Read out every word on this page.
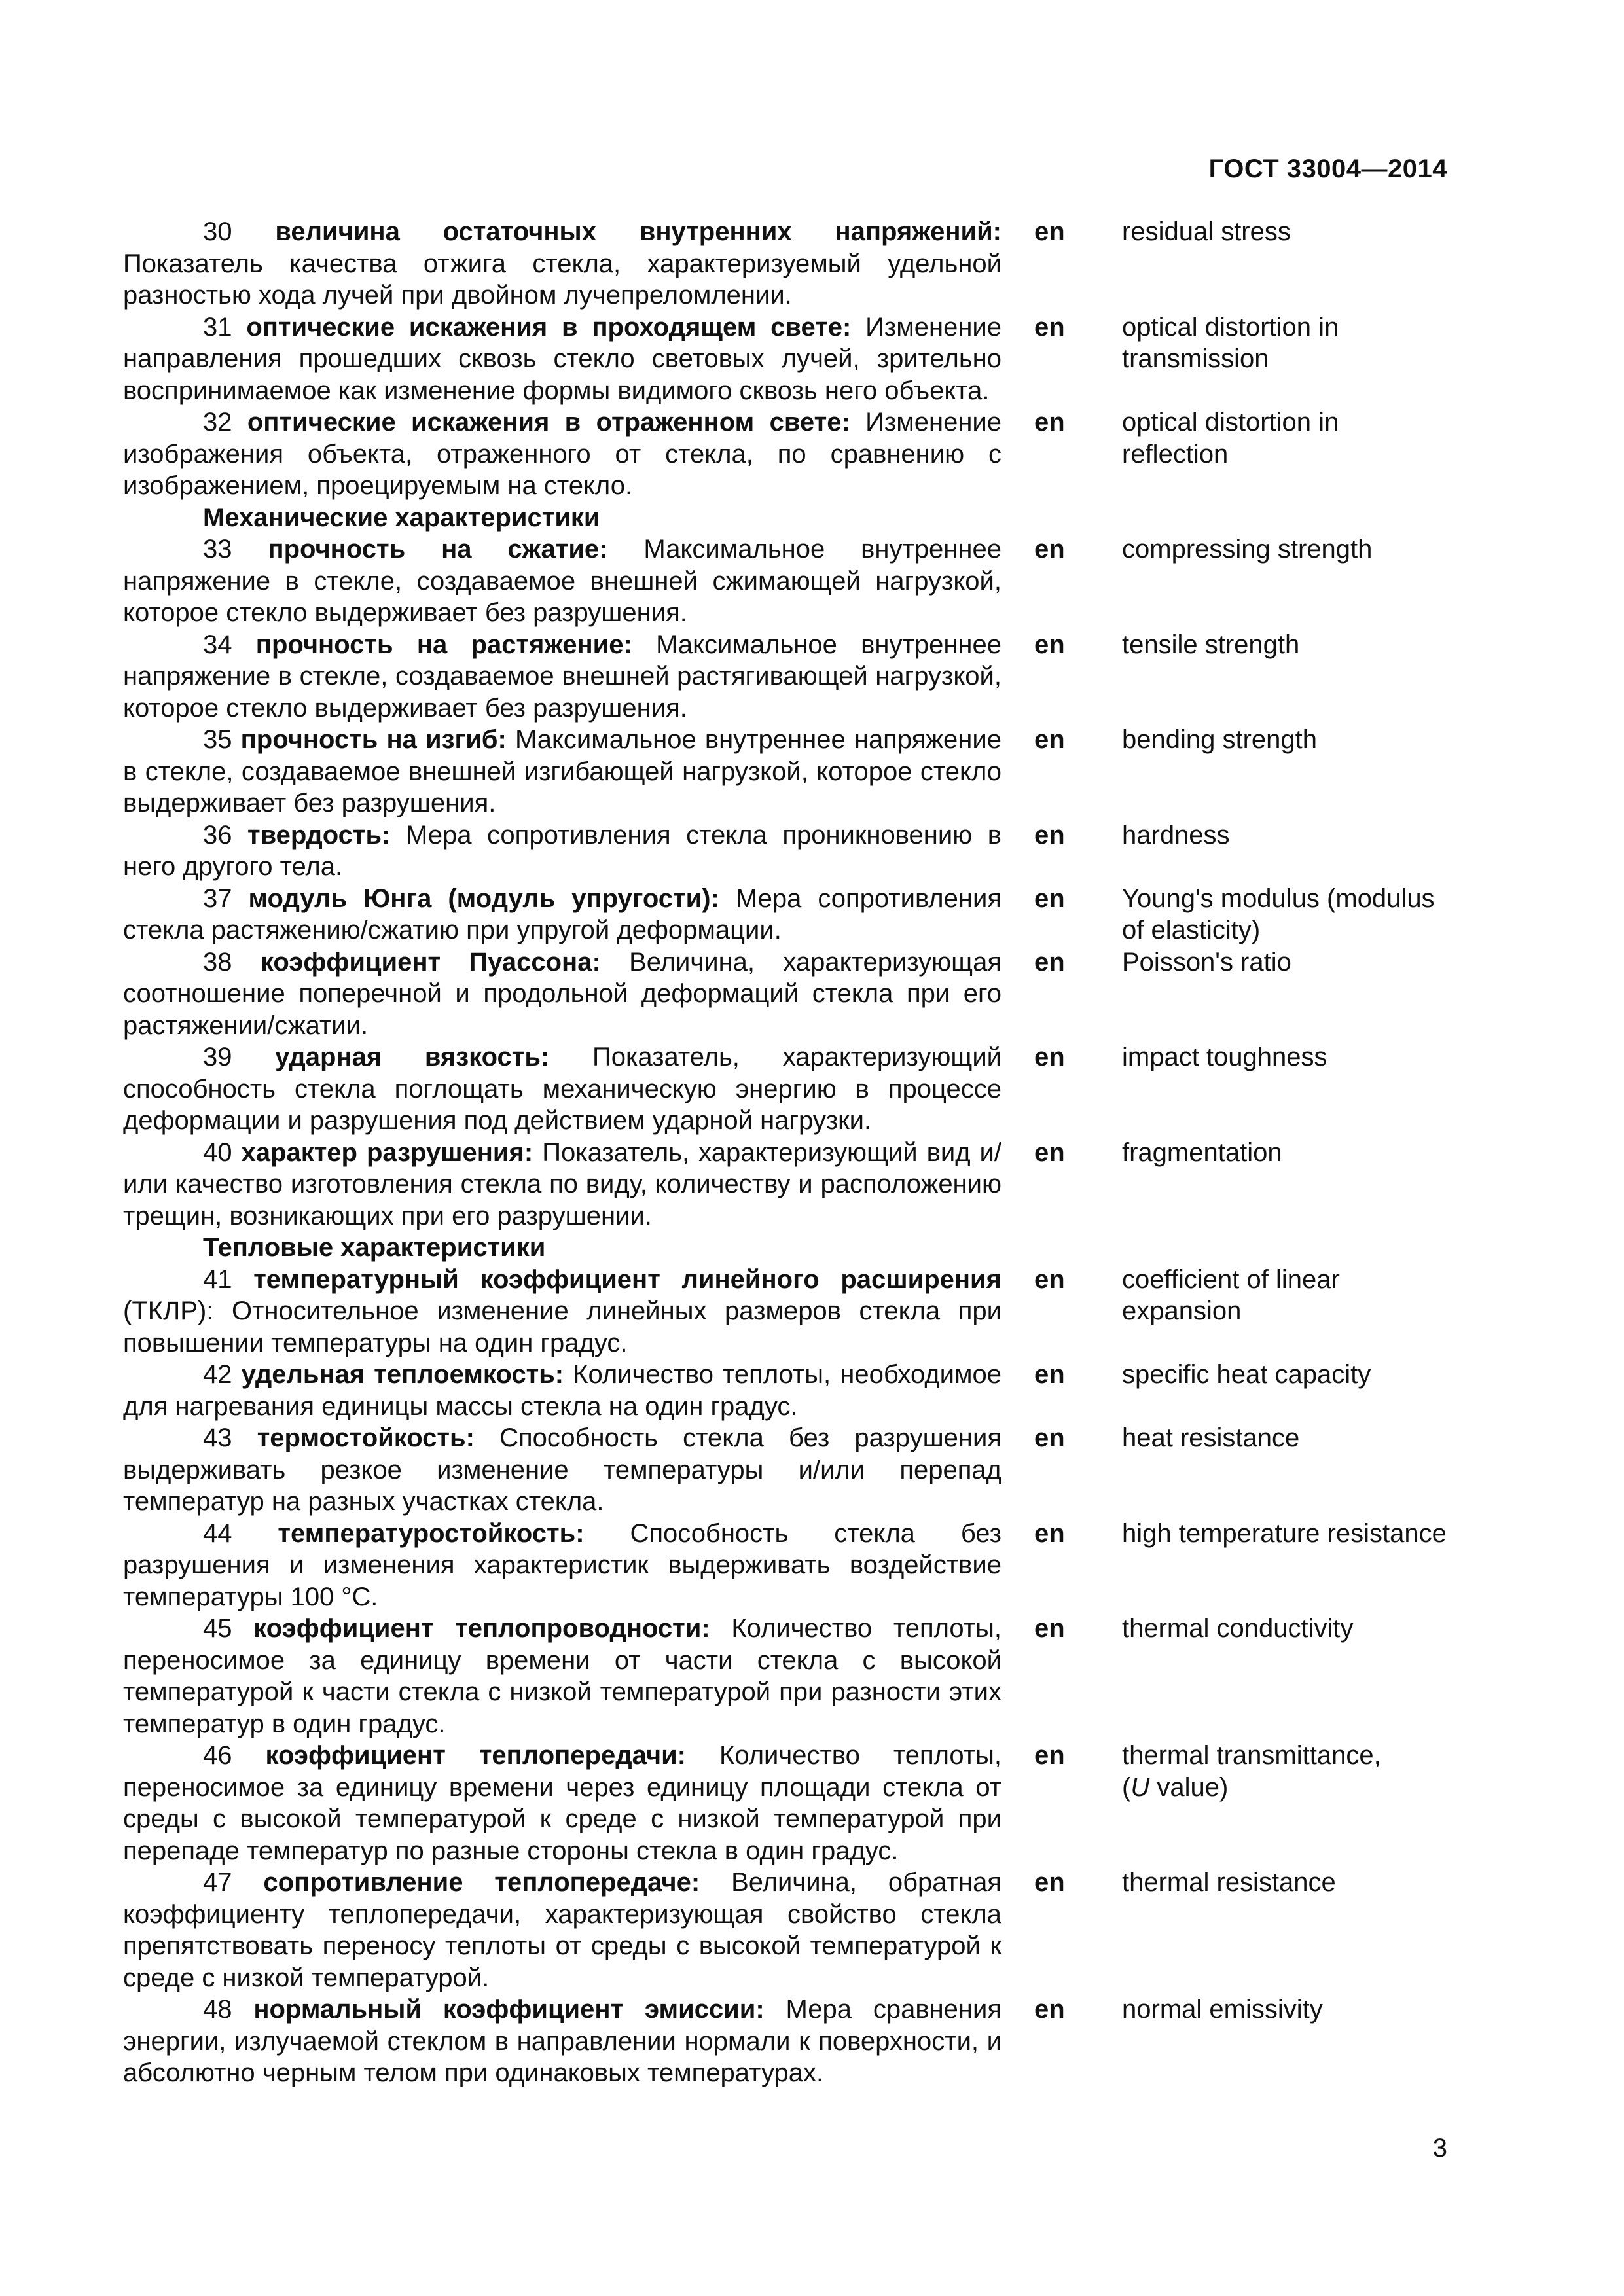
ГОСТ 33004—2014
30 величина остаточных внутренних напряжений: Показатель качества отжига стекла, характеризуемый удельной разностью хода лучей при двойном лучепреломлении.
en	residual stress
31 оптические искажения в проходящем свете: Изменение направления прошедших сквозь стекло световых лучей, зрительно воспринимаемое как изменение формы видимого сквозь него объекта.
en	optical distortion in transmission
32 оптические искажения в отраженном свете: Изменение изображения объекта, отраженного от стекла, по сравнению с изображением, проецируемым на стекло.
en	optical distortion in reflection
Механические характеристики
33 прочность на сжатие: Максимальное внутреннее напряжение в стекле, создаваемое внешней сжимающей нагрузкой, которое стекло выдерживает без разрушения.
en	compressing strength
34 прочность на растяжение: Максимальное внутреннее напряжение в стекле, создаваемое внешней растягивающей нагрузкой, которое стекло выдерживает без разрушения.
en	tensile strength
35 прочность на изгиб: Максимальное внутреннее напряжение в стекле, создаваемое внешней изгибающей нагрузкой, которое стекло выдерживает без разрушения.
en	bending strength
36 твердость: Мера сопротивления стекла проникновению в него другого тела.
en	hardness
37 модуль Юнга (модуль упругости): Мера сопротивления стекла растяжению/сжатию при упругой деформации.
en	Young's modulus (modulus of elasticity)
38 коэффициент Пуассона: Величина, характеризующая соотношение поперечной и продольной деформаций стекла при его растяжении/сжатии.
en	Poisson's ratio
39 ударная вязкость: Показатель, характеризующий способность стекла поглощать механическую энергию в процессе деформации и разрушения под действием ударной нагрузки.
en	impact toughness
40 характер разрушения: Показатель, характеризующий вид и/или качество изготовления стекла по виду, количеству и расположению трещин, возникающих при его разрушении.
en	fragmentation
Тепловые характеристики
41 температурный коэффициент линейного расширения (ТКЛР): Относительное изменение линейных размеров стекла при повышении температуры на один градус.
en	coefficient of linear expansion
42 удельная теплоемкость: Количество теплоты, необходимое для нагревания единицы массы стекла на один градус.
en	specific heat capacity
43 термостойкость: Способность стекла без разрушения выдерживать резкое изменение температуры и/или перепад температур на разных участках стекла.
en	heat resistance
44 температуростойкость: Способность стекла без разрушения и изменения характеристик выдерживать воздействие температуры 100 °С.
en	high temperature resistance
45 коэффициент теплопроводности: Количество теплоты, переносимое за единицу времени от части стекла с высокой температурой к части стекла с низкой температурой при разности этих температур в один градус.
en	thermal conductivity
46 коэффициент теплопередачи: Количество теплоты, переносимое за единицу времени через единицу площади стекла от среды с высокой температурой к среде с низкой температурой при перепаде температур по разные стороны стекла в один градус.
en	thermal transmittance,
(U value)
47 сопротивление теплопередаче: Величина, обратная коэффициенту теплопередачи, характеризующая свойство стекла препятствовать переносу теплоты от среды с высокой температурой к среде с низкой температурой.
en	thermal resistance
48 нормальный коэффициент эмиссии: Мера сравнения энергии, излучаемой стеклом в направлении нормали к поверхности, и абсолютно черным телом при одинаковых температурах.
en	normal emissivity
3
